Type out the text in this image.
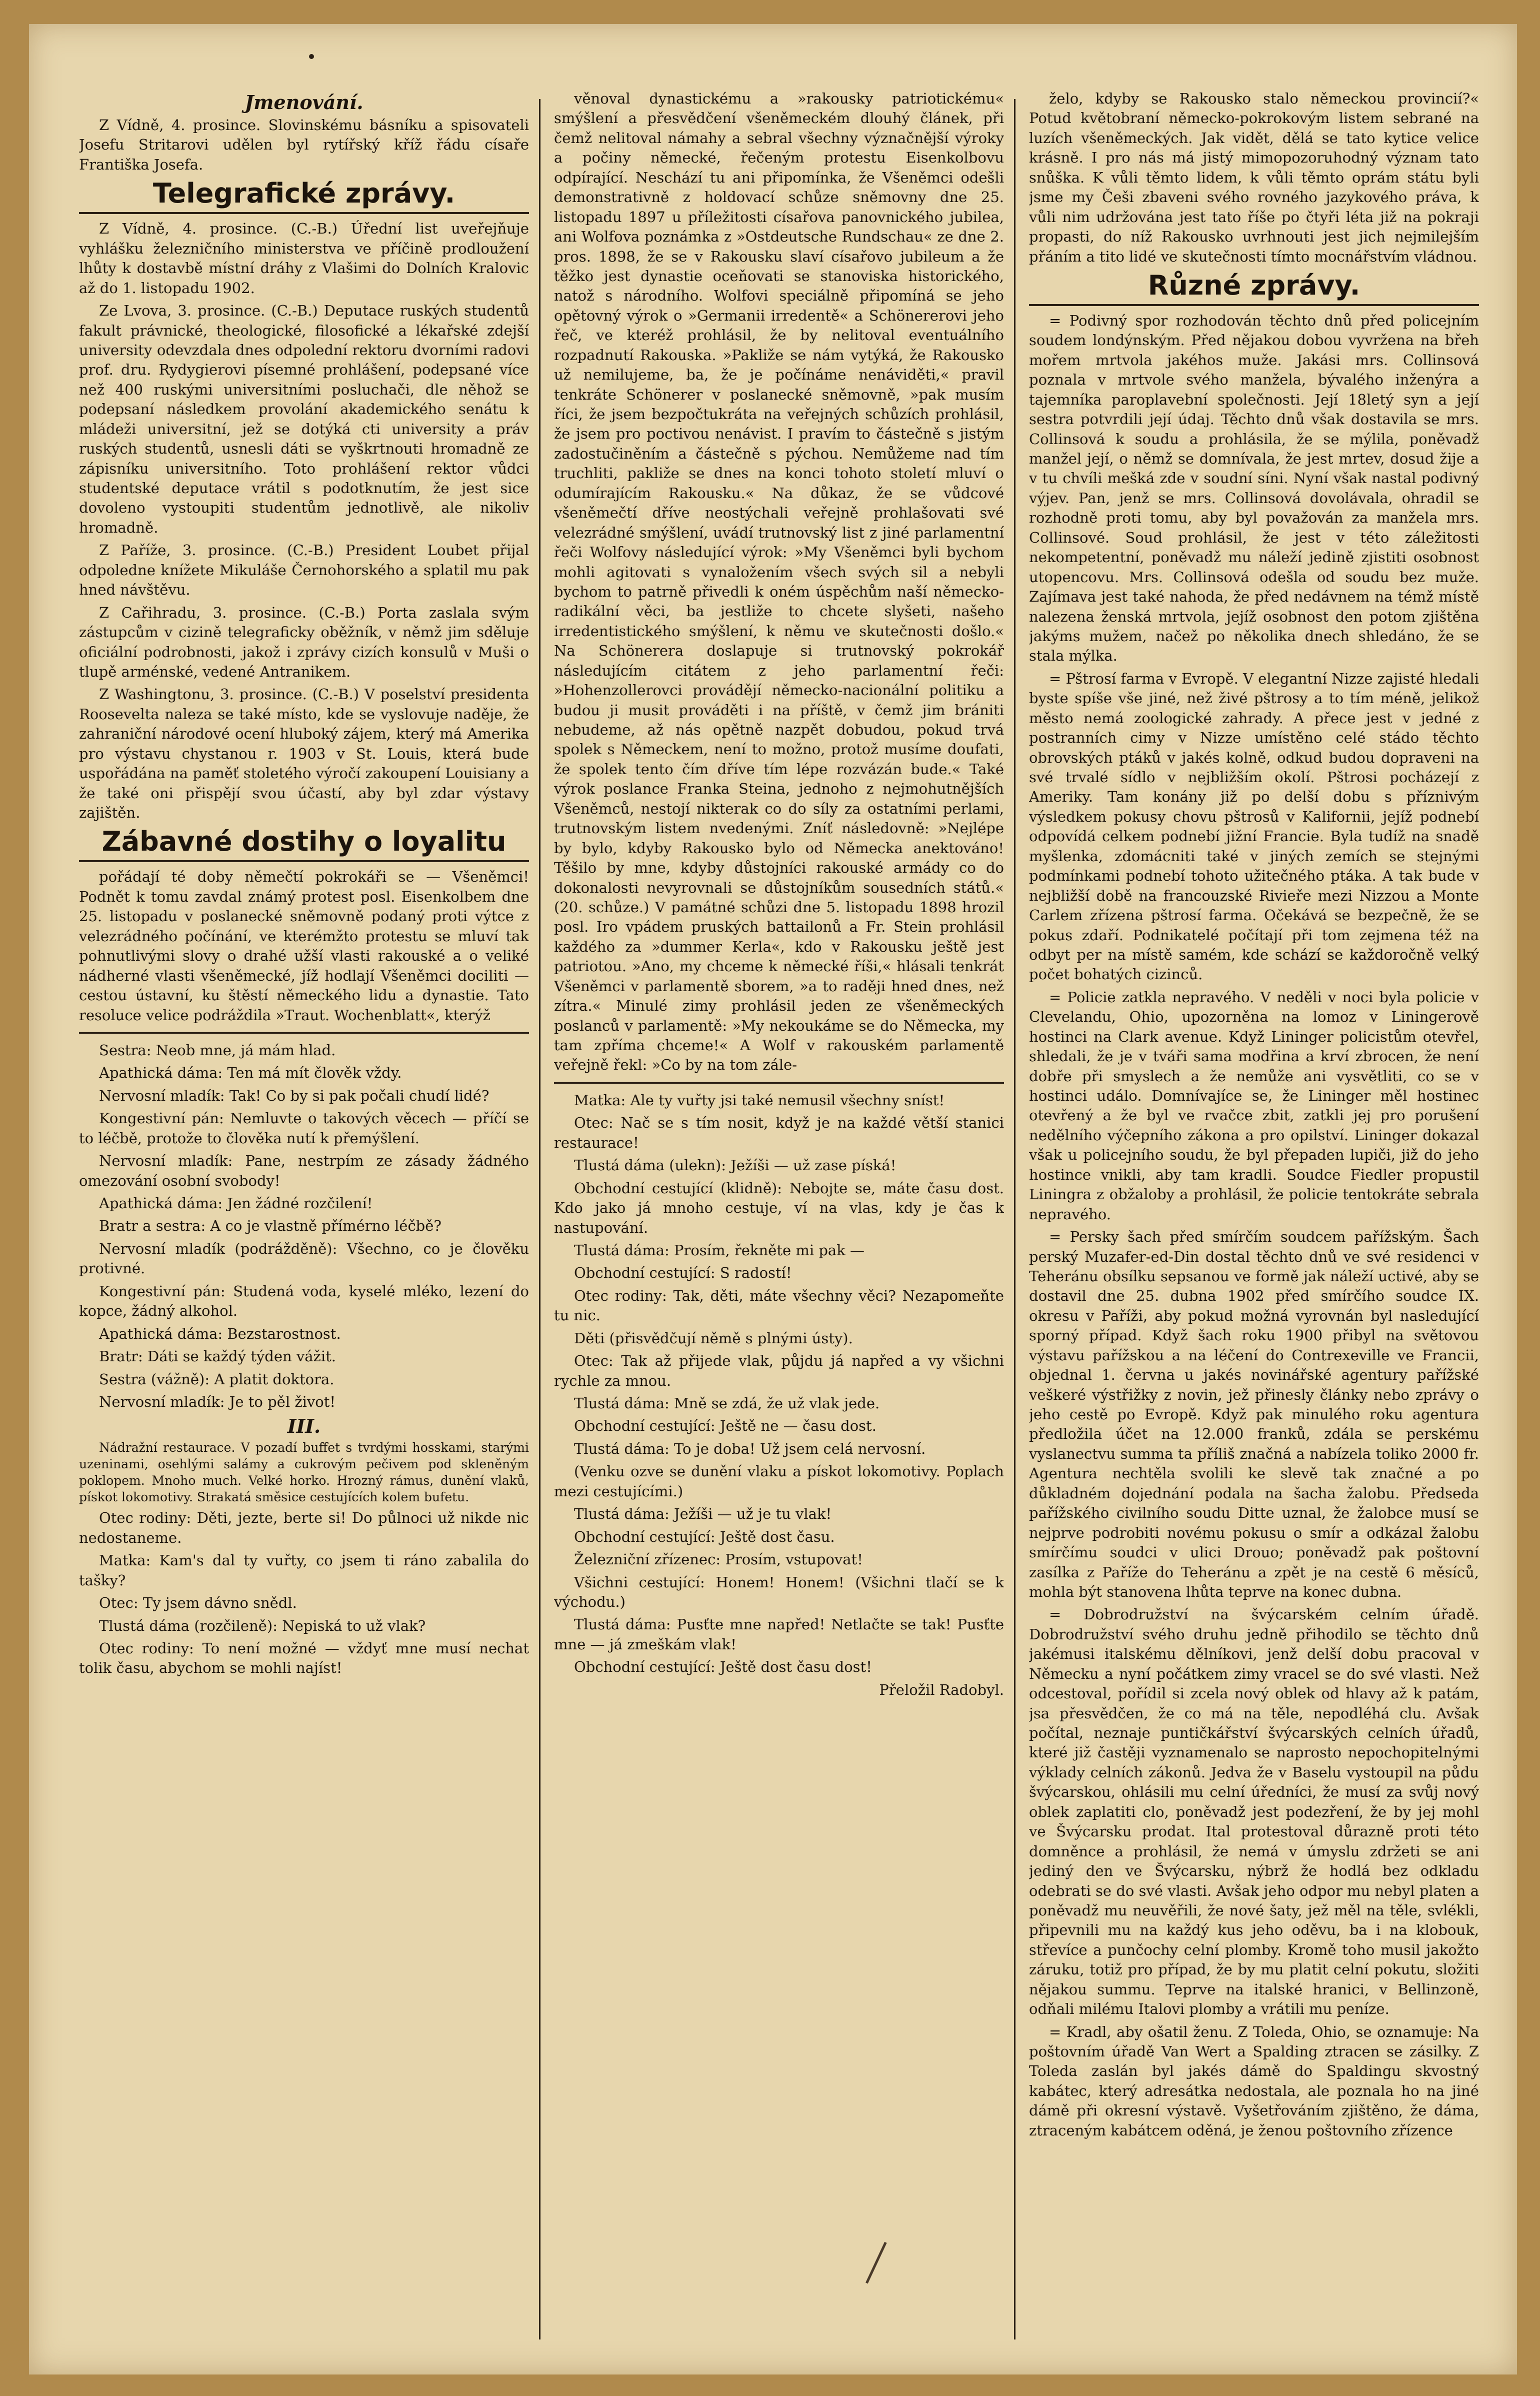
Jmenování.

Z Vídně, 4. prosince. Slovinskému básníku a spisovateli Josefu Stritarovi udělen byl rytířský kříž řádu císaře Františka Josefa.

Telegrafické zprávy.

Z Vídně, 4. prosince. (C.-B.) Úřední list uveřejňuje vyhlášku železničního ministerstva ve příčině prodloužení lhůty k dostavbě místní dráhy z Vlašimi do Dolních Kralovic až do 1. listopadu 1902.

Ze Lvova, 3. prosince. (C.-B.) Deputace ruských studentů fakult právnické, theologické, filosofické a lékařské zdejší university odevzdala dnes odpolední rektoru dvorními radovi prof. dru. Rydygierovi písemné prohlášení, podepsané více než 400 ruskými universitními posluchači, dle něhož se podepsaní následkem provolání akademického senátu k mládeži universitní, jež se dotýká cti university a práv ruských studentů, usnesli dáti se vyškrtnouti hromadně ze zápisníku universitního. Toto prohlášení rektor vůdci studentské deputace vrátil s podotknutím, že jest sice dovoleno vystoupiti studentům jednotlivě, ale nikoliv hromadně.

Z Paříže, 3. prosince. (C.-B.) President Loubet přijal odpoledne knížete Mikuláše Černohorského a splatil mu pak hned návštěvu.

Z Cařihradu, 3. prosince. (C.-B.) Porta zaslala svým zástupcům v cizině telegraficky oběžník, v němž jim sděluje oficiální podrobnosti, jakož i zprávy cizích konsulů v Muši o tlupě arménské, vedené Antranikem.

Z Washingtonu, 3. prosince. (C.-B.) V poselství presidenta Roosevelta naleza se také místo, kde se vyslovuje naděje, že zahraniční národové ocení hluboký zájem, který má Amerika pro výstavu chystanou r. 1903 v St. Louis, která bude uspořádána na paměť stoletého výročí zakoupení Louisiany a že také oni přispějí svou účastí, aby byl zdar výstavy zajištěn.

Zábavné dostihy o loyalitu

pořádají té doby němečtí pokrokáři se — Všeněmci! Podnět k tomu zavdal známý protest posl. Eisenkolbem dne 25. listopadu v poslanecké sněmovně podaný proti výtce z velezrádného počínání, ve kterémžto protestu se mluví tak pohnutlivými slovy o drahé užší vlasti rakouské a o veliké nádherné vlasti všeněmecké, jíž hodlají Všeněmci dociliti — cestou ústavní, ku štěstí německého lidu a dynastie. Tato resoluce velice podráždila »Traut. Wochenblatt«, kterýž

Sestra: Neob mne, já mám hlad.

Apathická dáma: Ten má mít člověk vždy.

Nervosní mladík: Tak! Co by si pak počali chudí lidé?

Kongestivní pán: Nemluvte o takových věcech — příčí se to léčbě, protože to člověka nutí k přemýšlení.

Nervosní mladík: Pane, nestrpím ze zásady žádného omezování osobní svobody!

Apathická dáma: Jen žádné rozčilení!

Bratr a sestra: A co je vlastně přímérno léčbě?

Nervosní mladík (podrážděně): Všechno, co je člověku protivné.

Kongestivní pán: Studená voda, kyselé mléko, lezení do kopce, žádný alkohol.

Apathická dáma: Bezstarostnost.

Bratr: Dáti se každý týden vážit.

Sestra (vážně): A platit doktora.

Nervosní mladík: Je to pěl život!

III.

Nádražní restaurace. V pozadí buffet s tvrdými hosskami, starými uzeninami, osehlými salámy a cukrovým pečivem pod skleněným poklopem. Mnoho much. Velké horko. Hrozný rámus, dunění vlaků, pískot lokomotivy. Strakatá směsice cestujících kolem bufetu.

Otec rodiny: Děti, jezte, berte si! Do půlnoci už nikde nic nedostaneme.

Matka: Kam's dal ty vuřty, co jsem ti ráno zabalila do tašky?

Otec: Ty jsem dávno snědl.

Tlustá dáma (rozčileně): Nepiská to už vlak?

Otec rodiny: To není možné — vždyť mne musí nechat tolik času, abychom se mohli najíst!

věnoval dynastickému a »rakousky patriotickému« smýšlení a přesvědčení všeněmeckém dlouhý článek, při čemž nelitoval námahy a sebral všechny význačnější výroky a počiny německé, řečeným protestu Eisenkolbovu odpírající. Neschází tu ani připomínka, že Všeněmci odešli demonstrativně z holdovací schůze sněmovny dne 25. listopadu 1897 u příležitosti císařova panovnického jubilea, ani Wolfova poznámka z »Ostdeutsche Rundschau« ze dne 2. pros. 1898, že se v Rakousku slaví císařovo jubileum a že těžko jest dynastie oceňovati se stanoviska historického, natož s národního. Wolfovi speciálně připomíná se jeho opětovný výrok o »Germanii irredentě« a Schönererovi jeho řeč, ve kteréž prohlásil, že by nelitoval eventuálního rozpadnutí Rakouska. »Pakliže se nám vytýká, že Rakousko už nemilujeme, ba, že je počínáme nenáviděti,« pravil tenkráte Schönerer v poslanecké sněmovně, »pak musím říci, že jsem bezpočtukráta na veřejných schůzích prohlásil, že jsem pro poctivou nenávist. I pravím to částečně s jistým zadostučiněním a částečně s pýchou. Nemůžeme nad tím truchliti, pakliže se dnes na konci tohoto století mluví o odumírajícím Rakousku.« Na důkaz, že se vůdcové všeněmečtí dříve neostýchali veřejně prohlašovati své velezrádné smýšlení, uvádí trutnovský list z jiné parlamentní řeči Wolfovy následující výrok: »My Všeněmci byli bychom mohli agitovati s vynaložením všech svých sil a nebyli bychom to patrně přivedli k oném úspěchům naší německo-radikální věci, ba jestliže to chcete slyšeti, našeho irredentistického smýšlení, k němu ve skutečnosti došlo.« Na Schönerera doslapuje si trutnovský pokrokář následujícím citátem z jeho parlamentní řeči: »Hohenzollerovci provádějí německo-nacionální politiku a budou ji musit prováděti i na příště, v čemž jim brániti nebudeme, až nás opětně nazpět dobudou, pokud trvá spolek s Německem, není to možno, protož musíme doufati, že spolek tento čím dříve tím lépe rozvázán bude.« Také výrok poslance Franka Steina, jednoho z nejmohutnějších Všeněmců, nestojí nikterak co do síly za ostatními perlami, trutnovským listem nvedenými. Zníť následovně: »Nejlépe by bylo, kdyby Rakousko bylo od Německa anektováno! Těšilo by mne, kdyby důstojníci rakouské armády co do dokonalosti nevyrovnali se důstojníkům sousedních států.« (20. schůze.) V památné schůzi dne 5. listopadu 1898 hrozil posl. Iro vpádem pruských battailonů a Fr. Stein prohlásil každého za »dummer Kerla«, kdo v Rakousku ještě jest patriotou. »Ano, my chceme k německé říši,« hlásali tenkrát Všeněmci v parlamentě sborem, »a to raději hned dnes, než zítra.« Minulé zimy prohlásil jeden ze všeněmeckých poslanců v parlamentě: »My nekoukáme se do Německa, my tam zpříma chceme!« A Wolf v rakouském parlamentě veřejně řekl: »Co by na tom zále-

Matka: Ale ty vuřty jsi také nemusil všechny sníst!

Otec: Nač se s tím nosit, když je na každé větší stanici restaurace!

Tlustá dáma (ulekn): Ježíši — už zase píská!

Obchodní cestující (klidně): Nebojte se, máte času dost. Kdo jako já mnoho cestuje, ví na vlas, kdy je čas k nastupování.

Tlustá dáma: Prosím, řekněte mi pak —

Obchodní cestující: S radostí!

Otec rodiny: Tak, děti, máte všechny věci? Nezapomeňte tu nic.

Děti (přisvědčují němě s plnými ústy).

Otec: Tak až přijede vlak, půjdu já napřed a vy všichni rychle za mnou.

Tlustá dáma: Mně se zdá, že už vlak jede.

Obchodní cestující: Ještě ne — času dost.

Tlustá dáma: To je doba! Už jsem celá nervosní.

(Venku ozve se dunění vlaku a pískot lokomotivy. Poplach mezi cestujícími.)

Tlustá dáma: Ježíši — už je tu vlak!

Obchodní cestující: Ještě dost času.

Železniční zřízenec: Prosím, vstupovat!

Všichni cestující: Honem! Honem! (Všichni tlačí se k východu.)

Tlustá dáma: Pusťte mne napřed! Netlačte se tak! Pusťte mne — já zmeškám vlak!

Obchodní cestující: Ještě dost času dost!

Přeložil Radobyl.

želo, kdyby se Rakousko stalo německou provincií?« Potud květobraní německo-pokrokovým listem sebrané na luzích všeněmeckých. Jak vidět, dělá se tato kytice velice krásně. I pro nás má jistý mimopozoruhodný význam tato snůška. K vůli těmto lidem, k vůli těmto oprám státu byli jsme my Češi zbaveni svého rovného jazykového práva, k vůli nim udržována jest tato říše po čtyři léta již na pokraji propasti, do níž Rakousko uvrhnouti jest jich nejmilejším přáním a tito lidé ve skutečnosti tímto mocnářstvím vládnou.

Různé zprávy.

= Podivný spor rozhodován těchto dnů před policejním soudem londýnským. Před nějakou dobou vyvržena na břeh mořem mrtvola jakéhos muže. Jakási mrs. Collinsová poznala v mrtvole svého manžela, bývalého inženýra a tajemníka paroplavební společnosti. Její 18letý syn a její sestra potvrdili její údaj. Těchto dnů však dostavila se mrs. Collinsová k soudu a prohlásila, že se mýlila, poněvadž manžel její, o němž se domnívala, že jest mrtev, dosud žije a v tu chvíli mešká zde v soudní síni. Nyní však nastal podivný výjev. Pan, jenž se mrs. Collinsová dovolávala, ohradil se rozhodně proti tomu, aby byl považován za manžela mrs. Collinsové. Soud prohlásil, že jest v této záležitosti nekompetentní, poněvadž mu náleží jedině zjistiti osobnost utopencovu. Mrs. Collinsová odešla od soudu bez muže. Zajímava jest také nahoda, že před nedávnem na témž místě nalezena ženská mrtvola, jejíž osobnost den potom zjištěna jakýms mužem, načež po několika dnech shledáno, že se stala mýlka.

= Pštrosí farma v Evropě. V elegantní Nizze zajisté hledali byste spíše vše jiné, než živé pštrosy a to tím méně, jelikož město nemá zoologické zahrady. A přece jest v jedné z postranních cimy v Nizze umístěno celé stádo těchto obrovských ptáků v jakés kolně, odkud budou dopraveni na své trvalé sídlo v nejbližším okolí. Pštrosi pocházejí z Ameriky. Tam konány již po delší dobu s příznivým výsledkem pokusy chovu pštrosů v Kalifornii, jejíž podnebí odpovídá celkem podnebí jižní Francie. Byla tudíž na snadě myšlenka, zdomácniti také v jiných zemích se stejnými podmínkami podnebí tohoto užitečného ptáka. A tak bude v nejbližší době na francouzské Rivieře mezi Nizzou a Monte Carlem zřízena pštrosí farma. Očekává se bezpečně, že se pokus zdaří. Podnikatelé počítají při tom zejmena též na odbyt per na místě samém, kde schází se každoročně velký počet bohatých cizinců.

= Policie zatkla nepravého. V neděli v noci byla policie v Clevelandu, Ohio, upozorněna na lomoz v Liningerově hostinci na Clark avenue. Když Lininger policistům otevřel, shledali, že je v tváři sama modřina a krví zbrocen, že není dobře při smyslech a že nemůže ani vysvětliti, co se v hostinci událo. Domnívajíce se, že Lininger měl hostinec otevřený a že byl ve rvačce zbit, zatkli jej pro porušení nedělního výčepního zákona a pro opilství. Lininger dokazal však u policejního soudu, že byl přepaden lupiči, již do jeho hostince vnikli, aby tam kradli. Soudce Fiedler propustil Liningra z obžaloby a prohlásil, že policie tentokráte sebrala nepravého.

= Persky šach před smírčím soudcem pařížským. Šach perský Muzafer-ed-Din dostal těchto dnů ve své residenci v Teheránu obsílku sepsanou ve formě jak náleží uctivé, aby se dostavil dne 25. dubna 1902 před smírčího soudce IX. okresu v Paříži, aby pokud možná vyrovnán byl nasledující sporný případ. Když šach roku 1900 přibyl na světovou výstavu pařížskou a na léčení do Contrexeville ve Francii, objednal 1. června u jakés novinářské agentury pařížské veškeré výstřižky z novin, jež přinesly články nebo zprávy o jeho cestě po Evropě. Když pak minulého roku agentura předložila účet na 12.000 franků, zdála se perskému vyslanectvu summa ta příliš značná a nabízela toliko 2000 fr. Agentura nechtěla svolili ke slevě tak značné a po důkladném dojednání podala na šacha žalobu. Předseda pařížského civilního soudu Ditte uznal, že žalobce musí se nejprve podrobiti novému pokusu o smír a odkázal žalobu smírčímu soudci v ulici Drouo; poněvadž pak poštovní zasílka z Paříže do Teheránu a zpět je na cestě 6 měsíců, mohla být stanovena lhůta teprve na konec dubna.

= Dobrodružství na švýcarském celním úřadě. Dobrodružství svého druhu jedně přihodilo se těchto dnů jakémusi italskému dělníkovi, jenž delší dobu pracoval v Německu a nyní počátkem zimy vracel se do své vlasti. Než odcestoval, pořídil si zcela nový oblek od hlavy až k patám, jsa přesvědčen, že co má na těle, nepodléhá clu. Avšak počítal, neznaje puntičkářství švýcarských celních úřadů, které již častěji vyznamenalo se naprosto nepochopitelnými výklady celních zákonů. Jedva že v Baselu vystoupil na půdu švýcarskou, ohlásili mu celní úředníci, že musí za svůj nový oblek zaplatiti clo, poněvadž jest podezření, že by jej mohl ve Švýcarsku prodat. Ital protestoval důrazně proti této domněnce a prohlásil, že nemá v úmyslu zdržeti se ani jediný den ve Švýcarsku, nýbrž že hodlá bez odkladu odebrati se do své vlasti. Avšak jeho odpor mu nebyl platen a poněvadž mu neuvěřili, že nové šaty, jež měl na těle, svlékli, připevnili mu na každý kus jeho oděvu, ba i na klobouk, střevíce a punčochy celní plomby. Kromě toho musil jakožto záruku, totiž pro případ, že by mu platit celní pokutu, složiti nějakou summu. Teprve na italské hranici, v Bellinzoně, odňali milému Italovi plomby a vrátili mu peníze.

= Kradl, aby ošatil ženu. Z Toleda, Ohio, se oznamuje: Na poštovním úřadě Van Wert a Spalding ztracen se zásilky. Z Toleda zaslán byl jakés dámě do Spaldingu skvostný kabátec, který adresátka nedostala, ale poznala ho na jiné dámě při okresní výstavě. Vyšetřováním zjištěno, že dáma, ztraceným kabátcem oděná, je ženou poštovního zřízence
